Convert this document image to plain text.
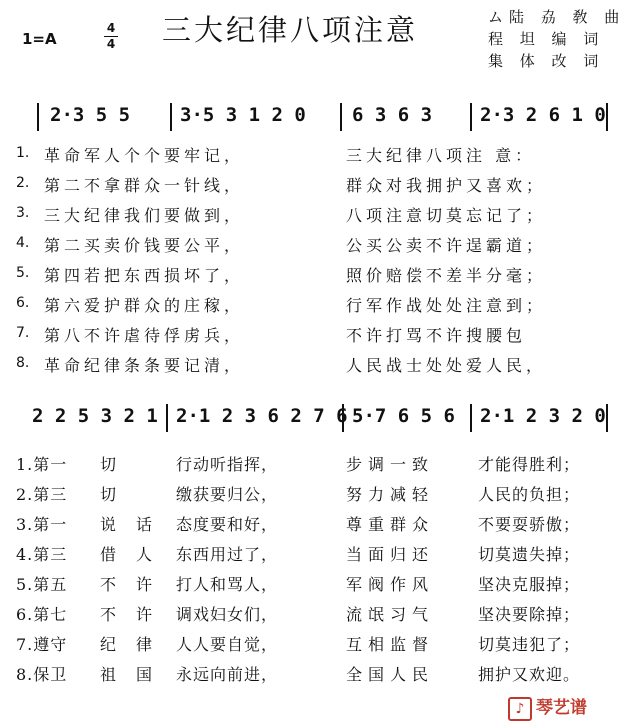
1=A
4
4 三大纪律八项注意	ム陆 劦 敎 曲
程 坦 编 词
集 体 改 词
2·3 5 5	3·5 3 1 2 0 6 3 6 3	2·3 2 6 1 0
1. 革命军人个个要牢记，	三大纪律八项注 意：
2. 第二不拿群众一针线，	群众对我拥护又喜欢；
3. 三大纪律我们要做到，	八项注意切莫忘记了；
4. 第二买卖价钱要公平，	公买公卖不许逞霸道；
5. 第四若把东西损坏了，	照价赔偿不差半分毫；
6. 第六爱护群众的庄稼，	行军作战处处注意到；
7. 第八不许虐待俘虏兵，	不许打骂不许搜腰包
8. 革命纪律条条要记清，	人民战士处处爱人民，
2 2 5 3 2 1 2·1 2 3 6 2 7 6 5·7 6 5 6 2·1 2 3 2 0
1.第一 切 行动听指挥，	步调一致	才能得胜利；
2.第三 切 缴获要归公，	努力减轻	人民的负担；
3.第一 说话 态度要和好，	尊重群众	不要耍骄傲；
4.第三 借人 东西用过了，	当面归还	切莫遗失掉；
5.第五 不许 打人和骂人，	军阀作风	坚决克服掉；
6.第七 不许 调戏妇女们，	流氓习气	坚决要除掉；
7.遵守 纪律 人人要自觉，	互相监督	切莫违犯了；
8.保卫 祖国 永远向前进，	全国人民	拥护又欢迎。
♪ 琴艺谱
